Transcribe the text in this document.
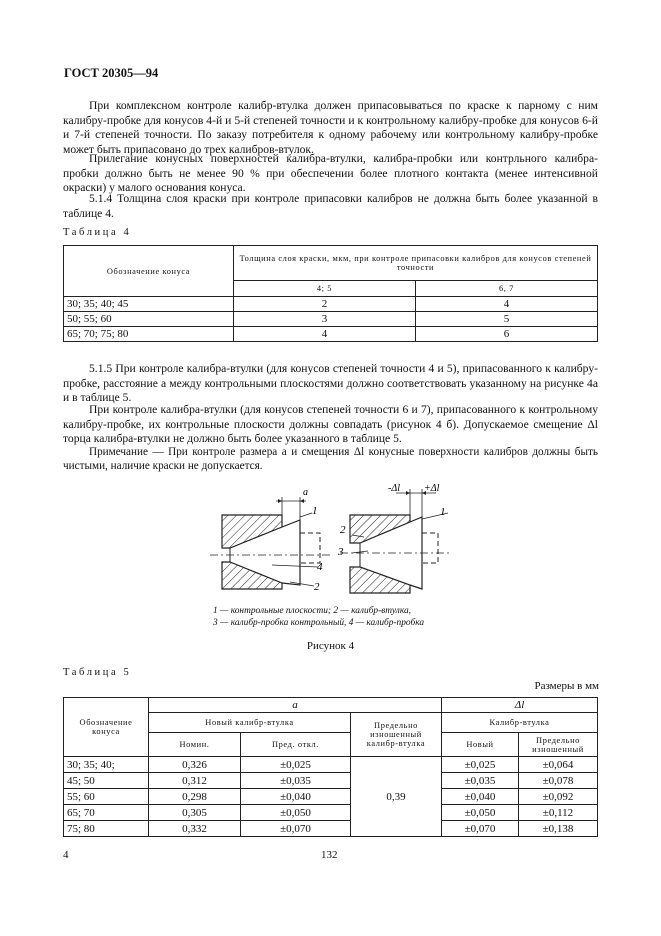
ГОСТ 20305—94

При комплексном контроле калибр-втулка должен припасовываться по краске к парному с ним калибру-пробке для конусов 4-й и 5-й степеней точности и к контрольному калибру-пробке для конусов 6-й и 7-й степеней точности. По заказу потребителя к одному рабочему или контрольному калибру-пробке может быть припасовано до трех калибров-втулок.

Прилегание конусных поверхностей калибра-втулки, калибра-пробки или контрльного калибра-пробки должно быть не менее 90 % при обеспечении более плотного контакта (менее интенсивной окраски) у малого основания конуса.

5.1.4 Толщина слоя краски при контроле припасовки калибров не должна быть более указанной в таблице 4.

Таблица 4
Обозначение конуса	Толщина слоя краски, мкм, при контроле припасовки калибров для конусов степеней точности	
	4; 5	6, 7
30; 35; 40; 45	2	4
50; 55; 60	3	5
65; 70; 75; 80	4	6

5.1.5 При контроле калибра-втулки (для конусов степеней точности 4 и 5), припасованного к калибру-пробке, расстояние а между контрольными плоскостями должно соответствовать указанному на рисунке 4а и в таблице 5.

При контроле калибра-втулки (для конусов степеней точности 6 и 7), припасованного к контрольному калибру-пробке, их контрольные плоскости должны совпадать (рисунок 4 б). Допускаемое смещение Δl торца калибра-втулки не должно быть более указанного в таблице 5.

Примечание — При контроле размера а и смещения Δl конусные поверхности калибров должны быть чистыми, наличие краски не допускается.

a
1
4
2
-Δl +Δl
1
2
3
1 — контрольные плоскости; 2 — калибр-втулка,
3 — калибр-пробка контрольный, 4 — калибр-пробка
Рисунок 4
Таблица 5
Размеры в мм
Обозначение конуса	a			Δl	
	Новый калибр-втулка		Предельно изношенный калибр-втулка	Калибр-втулка	
	Номин.	Пред. откл.		Новый	Предельно изношенный
30; 35; 40;	0,326	±0,025	0,39	±0,025	±0,064
45; 50	0,312	±0,035		±0,035	±0,078
55; 60	0,298	±0,040		±0,040	±0,092
65; 70	0,305	±0,050		±0,050	±0,112
75; 80	0,332	±0,070		±0,070	±0,138
4	132
